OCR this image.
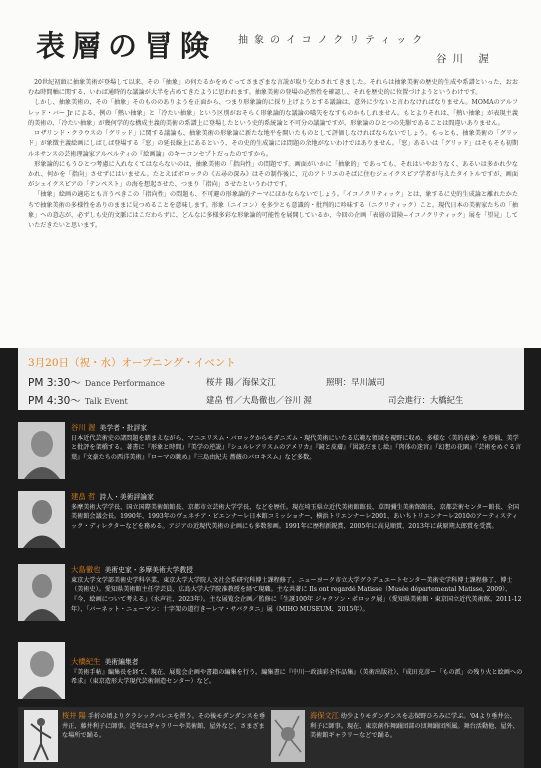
表層の冒険 抽象のイコノクリティック
谷川 渥

20世紀初頭に抽象美術が登場して以来、その「抽象」の何たるかをめぐってさまざまな言説が取り交わされてきました。それらは抽象美術の歴史的生成や系譜といった、おおむね時間軸に関する、いわば通時的な議論が大半を占めてきたように思われます。抽象美術の登場の必然性を確認し、それを歴史的に位置づけようというわけです。

しかし、抽象美術の、その「抽象」そのもののありようを正面から、つまり形象論的に採り上げようとする議論は、意外に少ないと言わなければなりません。MOMAのアルフレッド・バー Jr による、例の「熱い抽象」と「冷たい抽象」という区別がおそらく形象論的な議論の嚆矢をなすものかもしれません。もとよりそれは、「熱い抽象」が表現主義的美術の、「冷たい抽象」が幾何学的な構成主義的美術の系譜上に登場したという史的系統論と不可分の議論ですが、形象論のひとつの先駆であることは間違いありません。

ロザリンド・クラウスの「グリッド」に関する議論も、抽象美術の形象論に新たな地平を開いたものとして評価しなければならないでしょう。もっとも、抽象美術の「グリッド」が象徴主義絵画にしばしば登場する「窓」の延長線上にあるという、その史的生成論には問題の余地がないわけではありません。「窓」あるいは「グリッド」はそもそも初期ルネサンスの芸術理論家アルベルティの『絵画論』のキーコンセプトだったのですから。

形象論的にもうひとつ考慮に入れなくてはならないのは、抽象美術の「指向性」の問題です。画面がいかに「抽象的」であっても、それはいやおうなく、あるいは多かれ少なかれ、何かを「指向」させずにはいません。たとえばボロックの《五尋の深み》はその制作後に、元のアトリエのそばに住むジェイクスピア学者が与えたタイトルですが、画面がシェイクスピアの「テンペスト」の海を想起させた、つまり「指向」させたというわけです。

「抽象」絵画の適応とも言うべきこの「指向性」の問題も、不可避の形象論的テーマにほかならないでしょう。「イコノクリティック」とは、象するに史的生成論と離れたかたちで抽象美術の多様性をありのままに見つめることを意味します。形象（ニイコン）を多少とも意識的・批判的に吟味する（ニクリティック）こと。現代日本の美術家たちの「抽象」への意志が、必ずしも史的文脈にはこだわらずに、どんなに多様多彩な形象論的可能性を展開しているか、今回の企画「表層の冒険−イコノクリティック」展を「望見」していただきたいと思います。

3月20日（祝・水）オープニング・イベント
PM 3:30〜 Dance Performance	桜井 陽／海保文江	照明：早川誠司
PM 4:30〜 Talk Event	建畠 哲／大島徹也／谷川 渥	司会進行：大橋紀生
谷川 渥 美学者・批評家
日本近代芸術史の諸問題を踏まえながら、マニエリスム・バロックからモダニズム・現代美術にいたる広範な領域を視野に収め、多様な〈美的表象〉を渉猟、美学と批評を架橋する。著書に『形象と時間』『美学の逆説』『シュルレアリスムのアメリカ』『鏡と皮膚』『図説だまし絵』『肉体の迷宮』『幻想の花園』『芸術をめぐる言葉』『文豪たちの西洋美術』『ローマの眺め』『三島由紀夫 薔薇のバロキスム』など多数。
建畠 哲 詩人・美術評論家
多摩美術大学学長、国立国際美術館館長、京都市立芸術大学学長、などを歴任。現在埼玉県立近代美術館館長、草間彌生美術館館長、京都芸術センター館長、全国美術館会議会長。1990年、1993年のヴェネチア・ビエンナーレ日本館コミッショナー、横浜トリエンナーレ2001、あいちトリエンナーレ2010のアーティスティック・ディレクターなどを務める。アジアの近現代美術の企画にも多数参画。1991年に歴程新鋭賞、2005年に高見順賞、2013年に萩原朔太郎賞を受賞。
大島徹也 美術史家・多摩美術大学教授
東京大学文学部美術史学科卒業、東京大学大学院人文社会系研究科博士課程修了。ニューヨーク市立大学グラデュエートセンター美術史学科博士課程修了、博士（美術史）。愛知県美術館主任学芸員、広島大学大学院准教授を経て現職。主な共著に Ils ont regardé Matisse（Musée départemental Matisse, 2009）、『今、絵画について考える』（水声社、2023年）。主な展覧会企画／監修に「生誕100年 ジャクソン・ポロック展」（愛知県美術館・東京国立近代美術館、2011-12年）、「バーネット・ニューマン：十字架の道行きーレマ・サバクタニ」展（MIHO MUSEUM、2015年）。
大橋紀生 美術編集者
『美術手帖』編集長を経て、現在、展覧会企画や書籍の編集を行う。編集書に『中川一政油彩全作品集』（美術出版社）、『成田克彦ー「もの派」の残り火と絵画への希求』（東京造形大学現代芸術創造センター）など。
桜井 陽 手折の頃よりクラシックバレエを習う。その後モダンダンスを垂井正、藤井利子に師事。近年はギャラリーや美術館、屋外など、さまざまな場所で踊る。
海保文江 幼少よりモダンダンスを志保野ひろみに学ぶ。'04より垂井公、利子に師事。現在、東京創作舞踊団部の団舞踊団所属。舞台活動他、屋外、美術館ギャラリーなどで踊る。
